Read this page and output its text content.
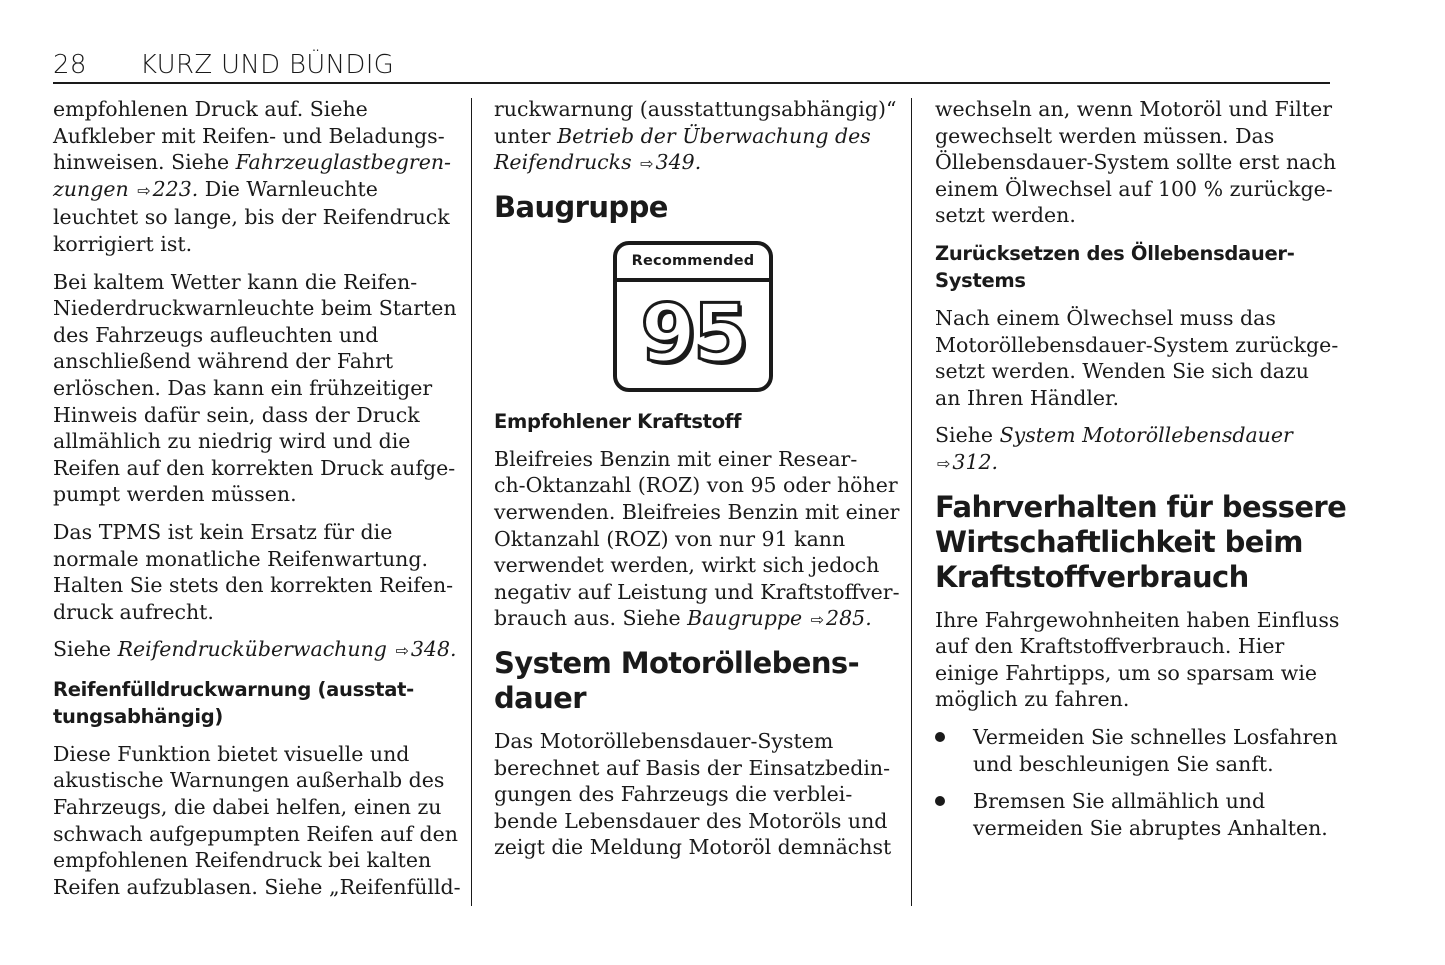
28 KURZ UND BÜNDIG

empfohlenen Druck auf. Siehe
Aufkleber mit Reifen- und Beladungs-
hinweisen. Siehe Fahrzeuglastbegren-
zungen ⇨223. Die Warnleuchte
leuchtet so lange, bis der Reifendruck
korrigiert ist.

Bei kaltem Wetter kann die Reifen-
Niederdruckwarnleuchte beim Starten
des Fahrzeugs aufleuchten und
anschließend während der Fahrt
erlöschen. Das kann ein frühzeitiger
Hinweis dafür sein, dass der Druck
allmählich zu niedrig wird und die
Reifen auf den korrekten Druck aufge-
pumpt werden müssen.

Das TPMS ist kein Ersatz für die
normale monatliche Reifenwartung.
Halten Sie stets den korrekten Reifen-
druck aufrecht.

Siehe Reifendrucküberwachung ⇨348.

Reifenfülldruckwarnung (ausstat-
tungsabhängig)

Diese Funktion bietet visuelle und
akustische Warnungen außerhalb des
Fahrzeugs, die dabei helfen, einen zu
schwach aufgepumpten Reifen auf den
empfohlenen Reifendruck bei kalten
Reifen aufzublasen. Siehe „Reifenfülld-

ruckwarnung (ausstattungsabhängig)“
unter Betrieb der Überwachung des
Reifendrucks ⇨349.

Baugruppe
Recommended
95
Empfohlener Kraftstoff

Bleifreies Benzin mit einer Resear-
ch-Oktanzahl (ROZ) von 95 oder höher
verwenden. Bleifreies Benzin mit einer
Oktanzahl (ROZ) von nur 91 kann
verwendet werden, wirkt sich jedoch
negativ auf Leistung und Kraftstoffver-
brauch aus. Siehe Baugruppe ⇨285.

System Motoröllebens-
dauer

Das Motoröllebensdauer-System
berechnet auf Basis der Einsatzbedin-
gungen des Fahrzeugs die verblei-
bende Lebensdauer des Motoröls und
zeigt die Meldung Motoröl demnächst

wechseln an, wenn Motoröl und Filter
gewechselt werden müssen. Das
Öllebensdauer-System sollte erst nach
einem Ölwechsel auf 100 % zurückge-
setzt werden.

Zurücksetzen des Öllebensdauer-
Systems

Nach einem Ölwechsel muss das
Motoröllebensdauer-System zurückge-
setzt werden. Wenden Sie sich dazu
an Ihren Händler.

Siehe System Motoröllebensdauer
⇨312.

Fahrverhalten für bessere
Wirtschaftlichkeit beim
Kraftstoffverbrauch

Ihre Fahrgewohnheiten haben Einfluss
auf den Kraftstoffverbrauch. Hier
einige Fahrtipps, um so sparsam wie
möglich zu fahren.

Vermeiden Sie schnelles Losfahren
und beschleunigen Sie sanft.

Bremsen Sie allmählich und
vermeiden Sie abruptes Anhalten.
